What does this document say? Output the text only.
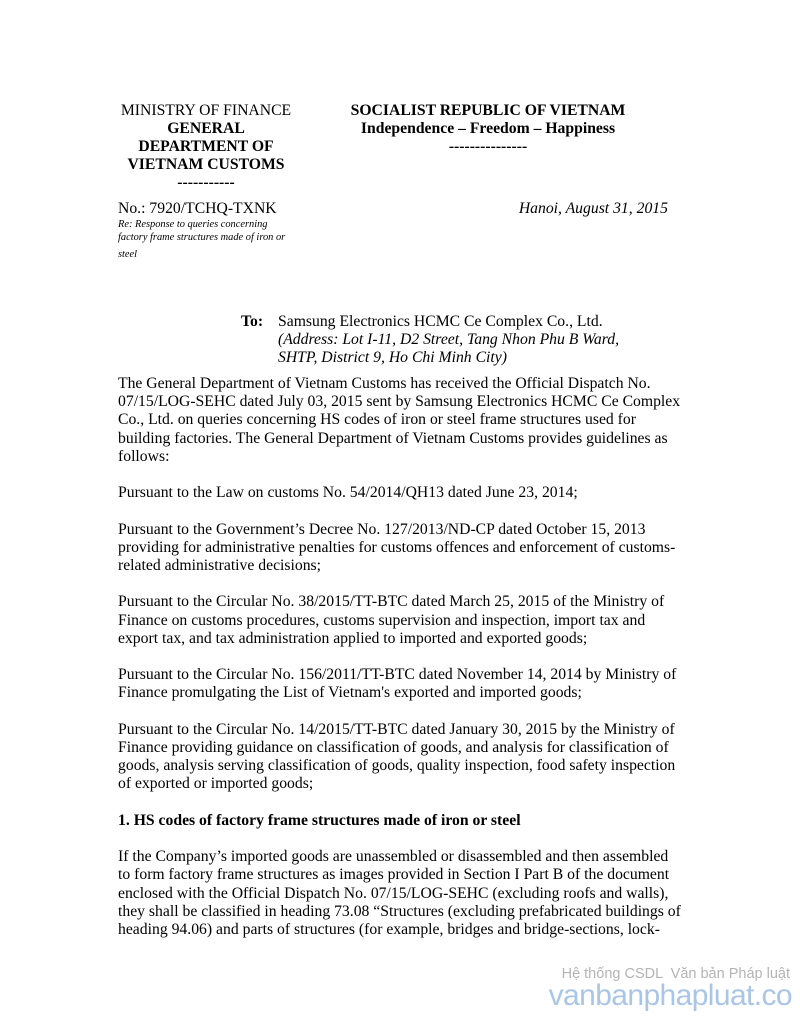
MINISTRY OF FINANCE
GENERAL
DEPARTMENT OF
VIETNAM CUSTOMS
-----------
SOCIALIST REPUBLIC OF VIETNAM
Independence – Freedom – Happiness
---------------
No.: 7920/TCHQ-TXNK	Hanoi, August 31, 2015
Re: Response to queries concerning
factory frame structures made of iron or
steel
To: Samsung Electronics HCMC Ce Complex Co., Ltd.
(Address: Lot I-11, D2 Street, Tang Nhon Phu B Ward,
SHTP, District 9, Ho Chi Minh City)
The General Department of Vietnam Customs has received the Official Dispatch No.
07/15/LOG-SEHC dated July 03, 2015 sent by Samsung Electronics HCMC Ce Complex
Co., Ltd. on queries concerning HS codes of iron or steel frame structures used for
building factories. The General Department of Vietnam Customs provides guidelines as
follows:
Pursuant to the Law on customs No. 54/2014/QH13 dated June 23, 2014;
Pursuant to the Government’s Decree No. 127/2013/ND-CP dated October 15, 2013
providing for administrative penalties for customs offences and enforcement of customs-
related administrative decisions;
Pursuant to the Circular No. 38/2015/TT-BTC dated March 25, 2015 of the Ministry of
Finance on customs procedures, customs supervision and inspection, import tax and
export tax, and tax administration applied to imported and exported goods;
Pursuant to the Circular No. 156/2011/TT-BTC dated November 14, 2014 by Ministry of
Finance promulgating the List of Vietnam's exported and imported goods;
Pursuant to the Circular No. 14/2015/TT-BTC dated January 30, 2015 by the Ministry of
Finance providing guidance on classification of goods, and analysis for classification of
goods, analysis serving classification of goods, quality inspection, food safety inspection
of exported or imported goods;
1. HS codes of factory frame structures made of iron or steel
If the Company’s imported goods are unassembled or disassembled and then assembled
to form factory frame structures as images provided in Section I Part B of the document
enclosed with the Official Dispatch No. 07/15/LOG-SEHC (excluding roofs and walls),
they shall be classified in heading 73.08 “Structures (excluding prefabricated buildings of
heading 94.06) and parts of structures (for example, bridges and bridge-sections, lock-
Hệ thống CSDL  Văn bản Pháp luật
vanbanphapluat.co
